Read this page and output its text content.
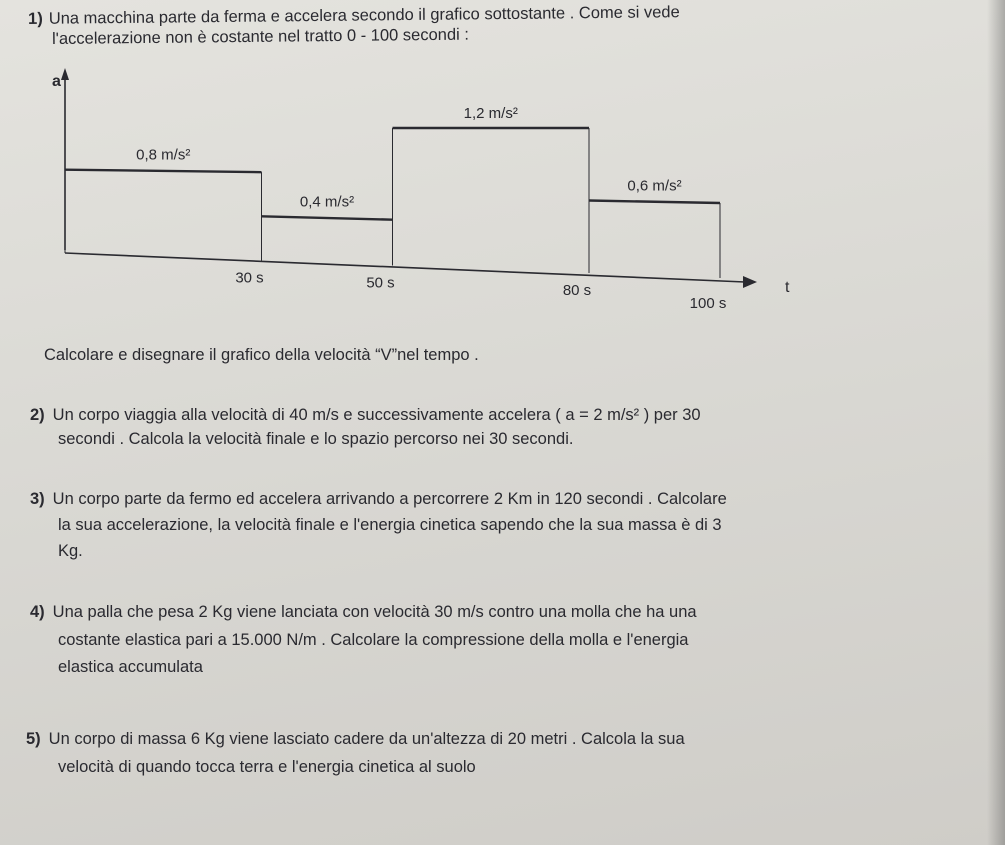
1) Una macchina parte da ferma e accelera secondo il grafico sottostante . Come si vede
l'accelerazione non è costante nel tratto 0 - 100 secondi :
a
t
0,8 m/s²
0,4 m/s²
1,2 m/s²
0,6 m/s²
30 s	50 s	80 s
100 s
Calcolare e disegnare il grafico della velocità “V”nel tempo .
2) Un corpo viaggia alla velocità di 40 m/s e successivamente accelera ( a = 2 m/s² ) per 30
secondi . Calcola la velocità finale e lo spazio percorso nei 30 secondi.
3) Un corpo parte da fermo ed accelera arrivando a percorrere 2 Km in 120 secondi . Calcolare
la sua accelerazione, la velocità finale e l'energia cinetica sapendo che la sua massa è di 3
Kg.
4) Una palla che pesa 2 Kg viene lanciata con velocità 30 m/s contro una molla che ha una
costante elastica pari a 15.000 N/m . Calcolare la compressione della molla e l'energia
elastica accumulata
5) Un corpo di massa 6 Kg viene lasciato cadere da un'altezza di 20 metri . Calcola la sua
velocità di quando tocca terra e l'energia cinetica al suolo
